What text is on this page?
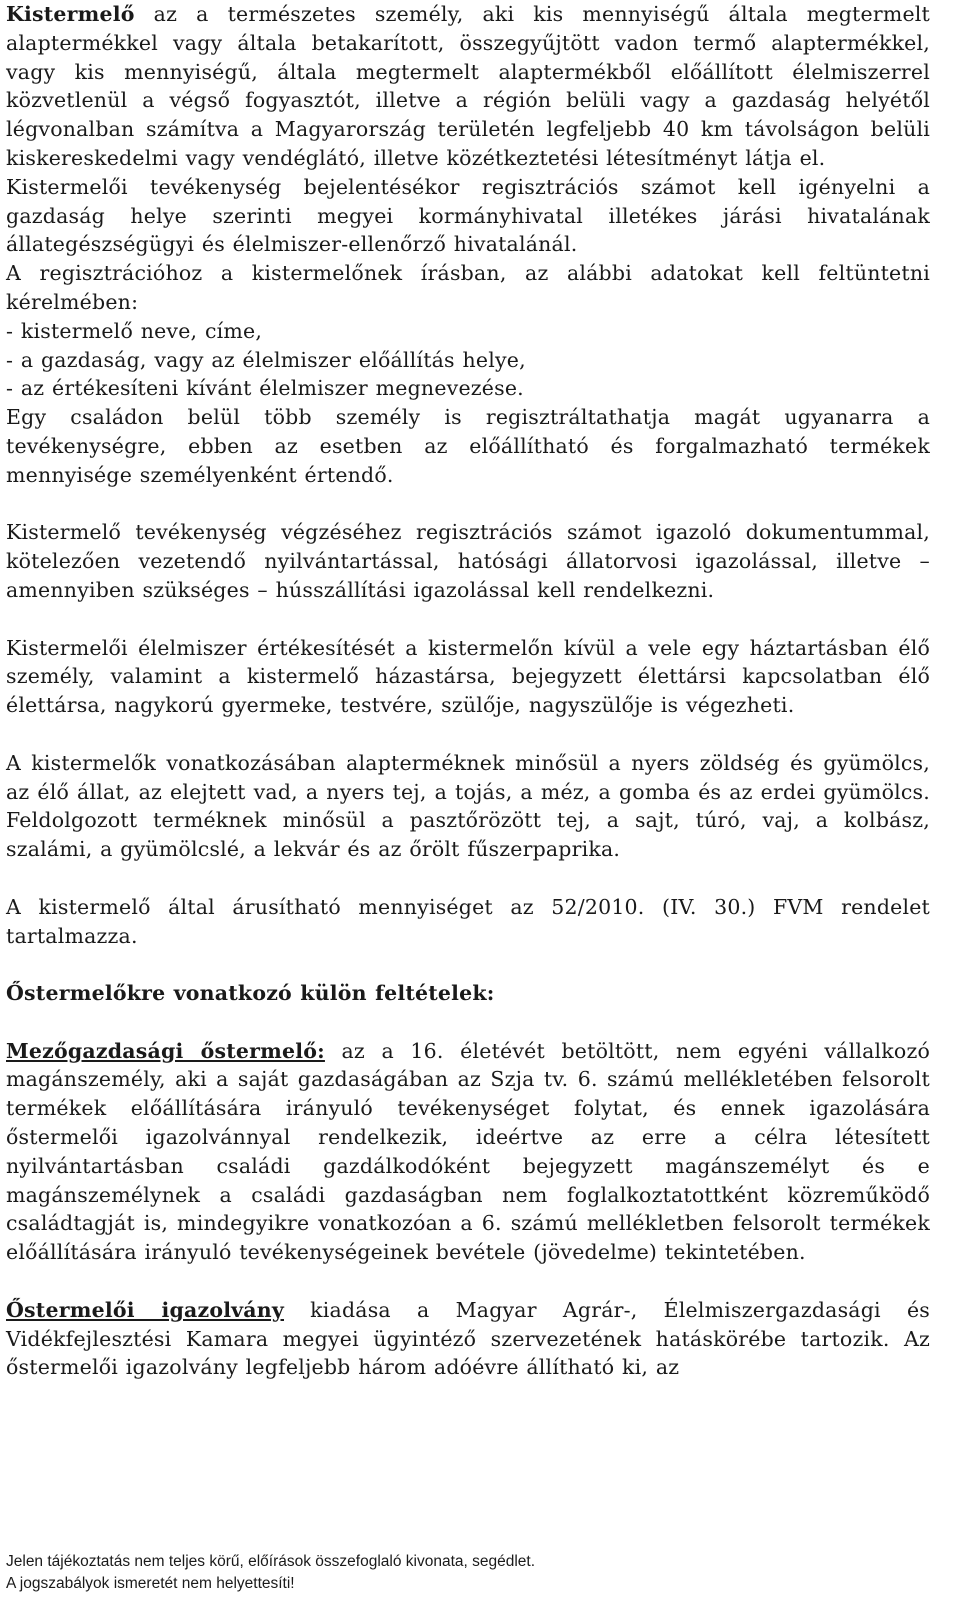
Kistermelő az a természetes személy, aki kis mennyiségű általa megtermelt alaptermékkel vagy általa betakarított, összegyűjtött vadon termő alaptermékkel, vagy kis mennyiségű, általa megtermelt alaptermékből előállított élelmiszerrel közvetlenül a végső fogyasztót, illetve a régión belüli vagy a gazdaság helyétől légvonalban számítva a Magyarország területén legfeljebb 40 km távolságon belüli kiskereskedelmi vagy vendéglátó, illetve közétkeztetési létesítményt látja el.

Kistermelői tevékenység bejelentésékor regisztrációs számot kell igényelni a gazdaság helye szerinti megyei kormányhivatal illetékes járási hivatalának állategészségügyi és élelmiszer-ellenőrző hivatalánál.

A regisztrációhoz a kistermelőnek írásban, az alábbi adatokat kell feltüntetni kérelmében:

- kistermelő neve, címe,

- a gazdaság, vagy az élelmiszer előállítás helye,

- az értékesíteni kívánt élelmiszer megnevezése.

Egy családon belül több személy is regisztráltathatja magát ugyanarra a tevékenységre, ebben az esetben az előállítható és forgalmazható termékek mennyisége személyenként értendő.

Kistermelő tevékenység végzéséhez regisztrációs számot igazoló dokumentummal, kötelezően vezetendő nyilvántartással, hatósági állatorvosi igazolással, illetve – amennyiben szükséges – hússzállítási igazolással kell rendelkezni.

Kistermelői élelmiszer értékesítését a kistermelőn kívül a vele egy háztartásban élő személy, valamint a kistermelő házastársa, bejegyzett élettársi kapcsolatban élő élettársa, nagykorú gyermeke, testvére, szülője, nagyszülője is végezheti.

A kistermelők vonatkozásában alapterméknek minősül a nyers zöldség és gyümölcs, az élő állat, az elejtett vad, a nyers tej, a tojás, a méz, a gomba és az erdei gyümölcs. Feldolgozott terméknek minősül a pasztőrözött tej, a sajt, túró, vaj, a kolbász, szalámi, a gyümölcslé, a lekvár és az őrölt fűszerpaprika.

A kistermelő által árusítható mennyiséget az 52/2010. (IV. 30.) FVM rendelet tartalmazza.

Őstermelőkre vonatkozó külön feltételek:

Mezőgazdasági őstermelő: az a 16. életévét betöltött, nem egyéni vállalkozó magánszemély, aki a saját gazdaságában az Szja tv. 6. számú mellékletében felsorolt termékek előállítására irányuló tevékenységet folytat, és ennek igazolására őstermelői igazolvánnyal rendelkezik, ideértve az erre a célra létesített nyilvántartásban családi gazdálkodóként bejegyzett magánszemélyt és e magánszemélynek a családi gazdaságban nem foglalkoztatottként közreműködő családtagját is, mindegyikre vonatkozóan a 6. számú mellékletben felsorolt termékek előállítására irányuló tevékenységeinek bevétele (jövedelme) tekintetében.

Őstermelői igazolvány kiadása a Magyar Agrár-, Élelmiszergazdasági és Vidékfejlesztési Kamara megyei ügyintéző szervezetének hatáskörébe tartozik. Az őstermelői igazolvány legfeljebb három adóévre állítható ki, az

Jelen tájékoztatás nem teljes körű, előírások összefoglaló kivonata, segédlet.
A jogszabályok ismeretét nem helyettesíti!
